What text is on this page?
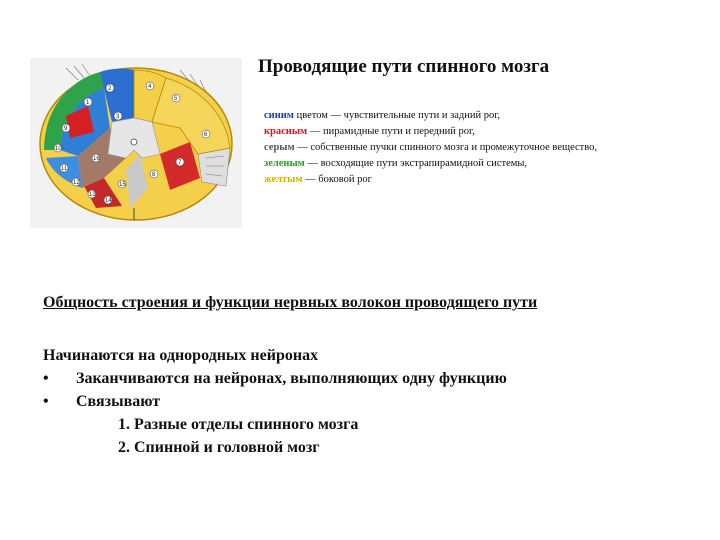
1
2
3
4
5
6
7
8
9
10
11
12
13
14
15
16
Проводящие пути спинного мозга
синим цветом — чувствительные пути и задний рог,
красным — пирамидные пути и передний рог,
серым — собственные пучки спинного мозга и промежуточное вещество,
зеленым — восходящие пути экстрапирамидной системы,
желтым — боковой рог
Общность строения и функции нервных волокон проводящего пути
Начинаются на однородных нейронах
• Заканчиваются на нейронах, выполняющих одну функцию
• Связывают
1. Разные отделы спинного мозга
2. Спинной и головной мозг
